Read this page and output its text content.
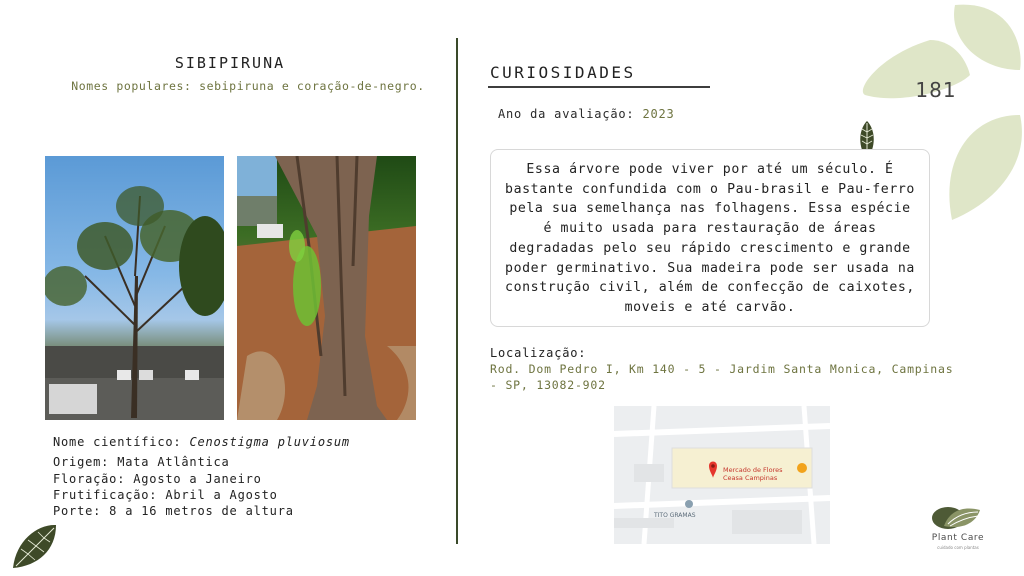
SIBIPIRUNA
Nomes populares: sebipiruna e coração-de-negro.
Nome científico: Cenostigma pluviosum
Origem: Mata Atlântica
Floração: Agosto a Janeiro
Frutificação: Abril a Agosto
Porte: 8 a 16 metros de altura
CURIOSIDADES
Ano da avaliação: 2023
Essa árvore pode viver por até um século. É bastante confundida com o Pau-brasil e Pau-ferro pela sua semelhança nas folhagens. Essa espécie é muito usada para restauração de áreas degradadas pelo seu rápido crescimento e grande poder germinativo. Sua madeira pode ser usada na construção civil, além de confecção de caixotes, moveis e até carvão.
Localização:
Rod. Dom Pedro I, Km 140 - 5 - Jardim Santa Monica, Campinas - SP, 13082-902
Mercado de Flores
Ceasa Campinas
TITO GRAMAS
181
Plant Care
cuidado com plantas
